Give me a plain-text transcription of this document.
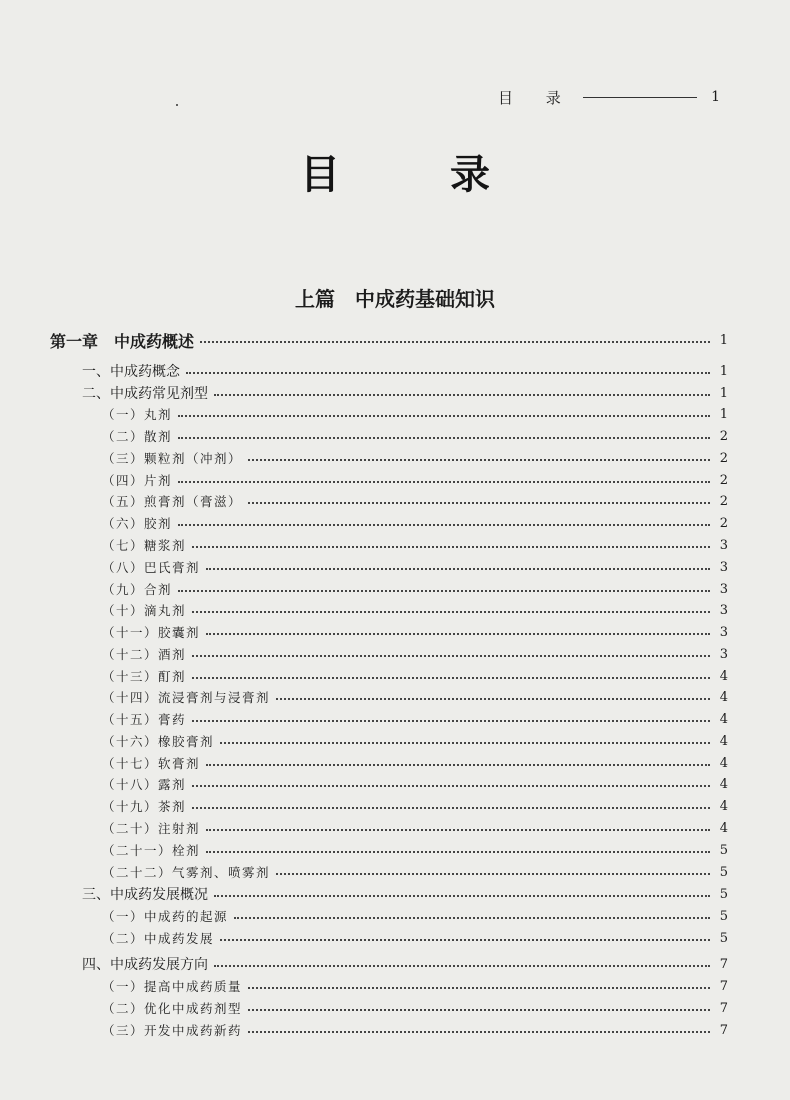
目 录	1
目 录
上篇　中成药基础知识
第一章　中成药概述	1
一、中成药概念	1
二、中成药常见剂型	1
（一）丸剂	1
（二）散剂	2
（三）颗粒剂（冲剂）	2
（四）片剂	2
（五）煎膏剂（膏滋）	2
（六）胶剂	2
（七）糖浆剂	3
（八）巴氏膏剂	3
（九）合剂	3
（十）滴丸剂	3
（十一）胶囊剂	3
（十二）酒剂	3
（十三）酊剂	4
（十四）流浸膏剂与浸膏剂	4
（十五）膏药	4
（十六）橡胶膏剂	4
（十七）软膏剂	4
（十八）露剂	4
（十九）茶剂	4
（二十）注射剂	4
（二十一）栓剂	5
（二十二）气雾剂、喷雾剂	5
三、中成药发展概况	5
（一）中成药的起源	5
（二）中成药发展	5
四、中成药发展方向	7
（一）提高中成药质量	7
（二）优化中成药剂型	7
（三）开发中成药新药	7
